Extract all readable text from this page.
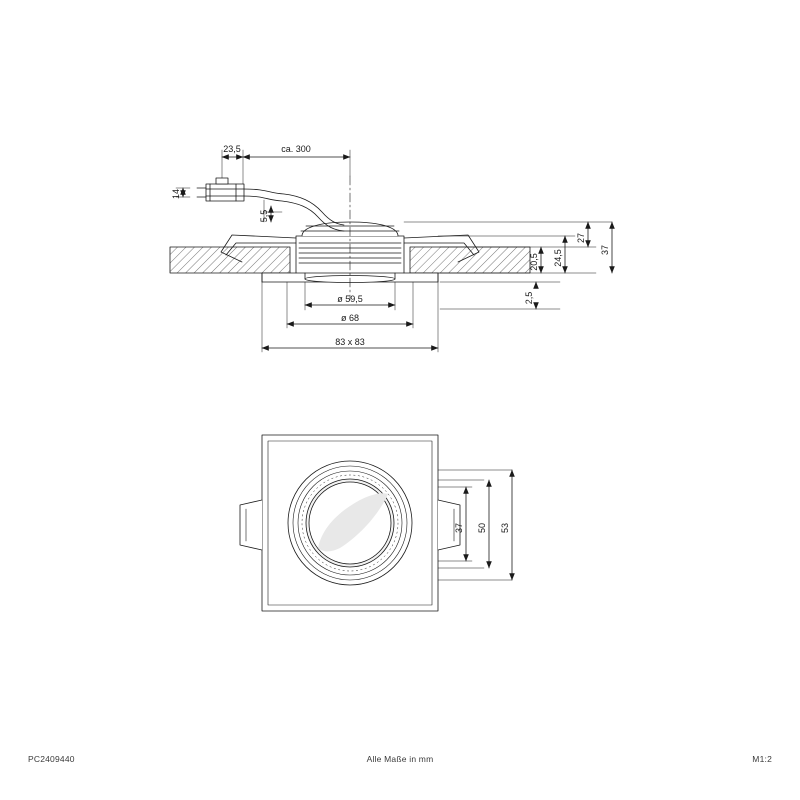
23,5	ca. 300
14
5,5
20,5 24,5
27
37
2,5
ø 59,5
ø 68
83 x 83
37 50 53
PC2409440	Alle Maße in mm	M1:2
